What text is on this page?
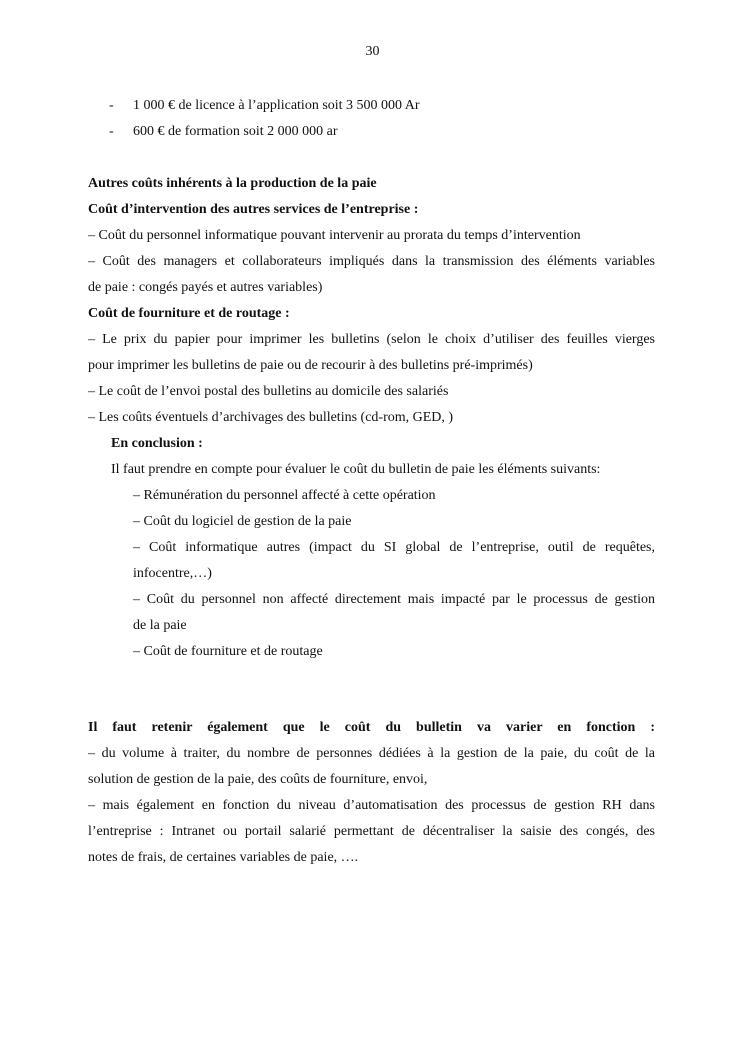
30

- 1 000 € de licence à l’application soit 3 500 000 Ar

- 600 € de formation soit 2 000 000 ar

Autres coûts inhérents à la production de la paie

Coût d’intervention des autres services de l’entreprise :

– Coût du personnel informatique pouvant intervenir au prorata du temps d’intervention

– Coût des managers et collaborateurs impliqués dans la transmission des éléments variables

de paie : congés payés et autres variables)

Coût de fourniture et de routage :

– Le prix du papier pour imprimer les bulletins (selon le choix d’utiliser des feuilles vierges

pour imprimer les bulletins de paie ou de recourir à des bulletins pré-imprimés)

– Le coût de l’envoi postal des bulletins au domicile des salariés

– Les coûts éventuels d’archivages des bulletins (cd-rom, GED, )

En conclusion :

Il faut prendre en compte pour évaluer le coût du bulletin de paie les éléments suivants:

– Rémunération du personnel affecté à cette opération

– Coût du logiciel de gestion de la paie

– Coût informatique autres (impact du SI global de l’entreprise, outil de requêtes,

infocentre,…)

– Coût du personnel non affecté directement mais impacté par le processus de gestion

de la paie

– Coût de fourniture et de routage

Il faut retenir également que le coût du bulletin va varier en fonction :

– du volume à traiter, du nombre de personnes dédiées à la gestion de la paie, du coût de la

solution de gestion de la paie, des coûts de fourniture, envoi,

– mais également en fonction du niveau d’automatisation des processus de gestion RH dans

l’entreprise : Intranet ou portail salarié permettant de décentraliser la saisie des congés, des

notes de frais, de certaines variables de paie, ….
